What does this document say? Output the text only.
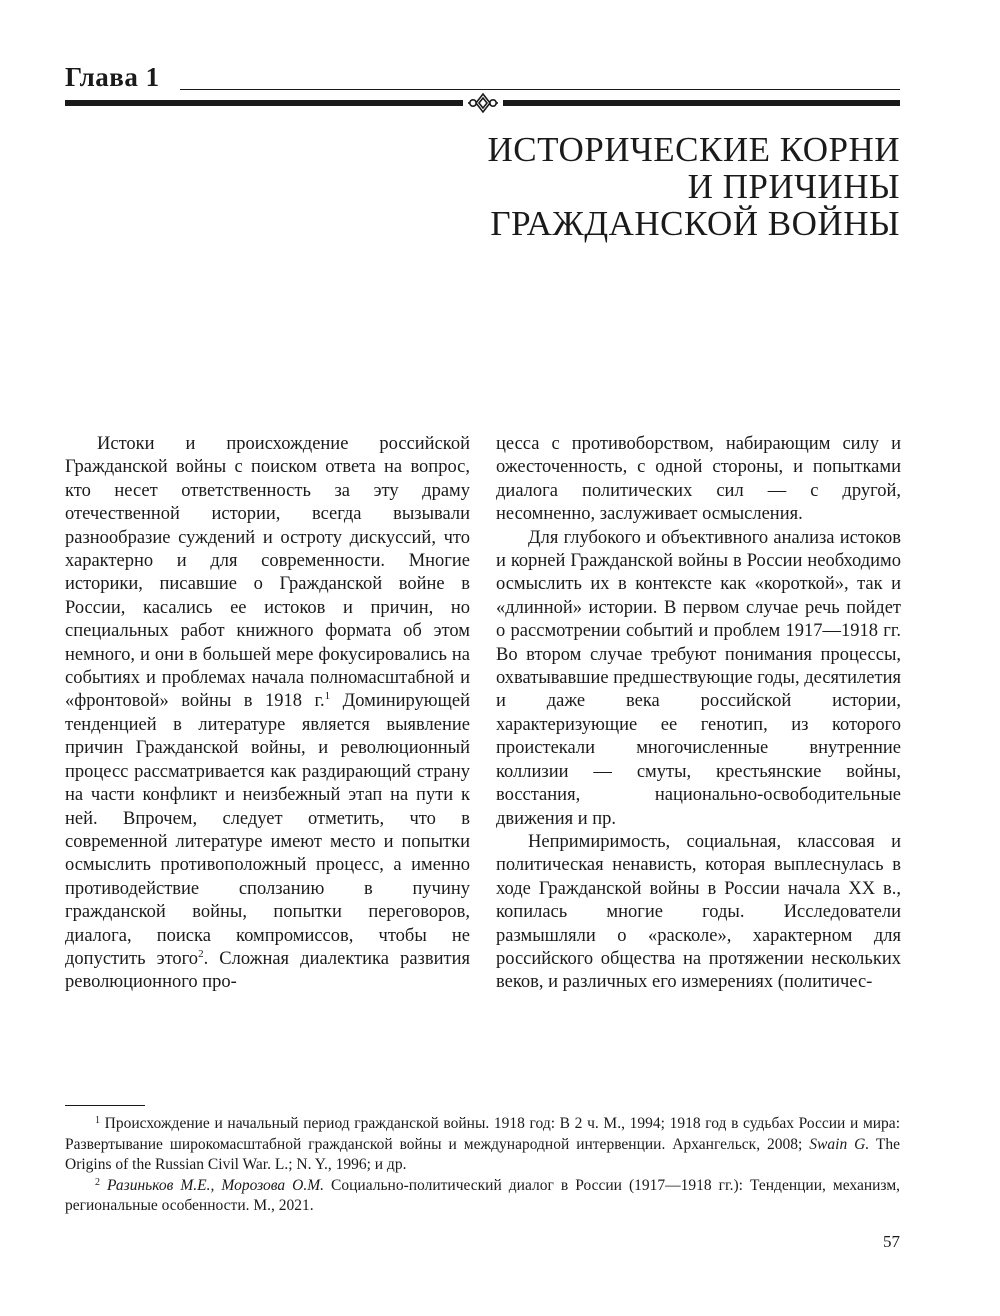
Глава 1
ИСТОРИЧЕСКИЕ КОРНИ
И ПРИЧИНЫ
ГРАЖДАНСКОЙ ВОЙНЫ

Истоки и происхождение российской Гражданской войны с поиском ответа на вопрос, кто несет ответственность за эту драму отечественной истории, всегда вызывали разнообразие суждений и остроту дискуссий, что характерно и для современности. Многие историки, писавшие о Гражданской войне в России, касались ее истоков и причин, но специальных работ книжного формата об этом немного, и они в большей мере фокусировались на событиях и проблемах начала полномасштабной и «фронтовой» войны в 1918 г.$^1$ Доминирующей тенденцией в литературе является выявление причин Гражданской войны, и революционный процесс рассматривается как раздирающий страну на части конфликт и неизбежный этап на пути к ней. Впрочем, следует отметить, что в современной литературе имеют место и попытки осмыслить противоположный процесс, а именно противодействие сползанию в пучину гражданской войны, попытки переговоров, диалога, поиска компромиссов, чтобы не допустить этого$^2$. Сложная диалектика развития революционного про-

цесса с противоборством, набирающим силу и ожесточенность, с одной стороны, и попытками диалога политических сил — с другой, несомненно, заслуживает осмысления.

Для глубокого и объективного анализа истоков и корней Гражданской войны в России необходимо осмыслить их в контексте как «короткой», так и «длинной» истории. В первом случае речь пойдет о рассмотрении событий и проблем 1917—1918 гг. Во втором случае требуют понимания процессы, охватывавшие предшествующие годы, десятилетия и даже века российской истории, характеризующие ее генотип, из которого проистекали многочисленные внутренние коллизии — смуты, крестьянские войны, восстания, национально-освободительные движения и пр.

Непримиримость, социальная, классовая и политическая ненависть, которая выплеснулась в ходе Гражданской войны в России начала XX в., копилась многие годы. Исследователи размышляли о «расколе», характерном для российского общества на протяжении нескольких веков, и различных его измерениях (политичес-

$^1$ Происхождение и начальный период гражданской войны. 1918 год: В 2 ч. М., 1994; 1918 год в судьбах России и мира: Развертывание широкомасштабной гражданской войны и международной интервенции. Архангельск, 2008; Swain G. The Origins of the Russian Civil War. L.; N. Y., 1996; и др.

$^2$ Разиньков М.Е., Морозова О.М. Социально-политический диалог в России (1917—1918 гг.): Тенденции, механизм, региональные особенности. М., 2021.

57
